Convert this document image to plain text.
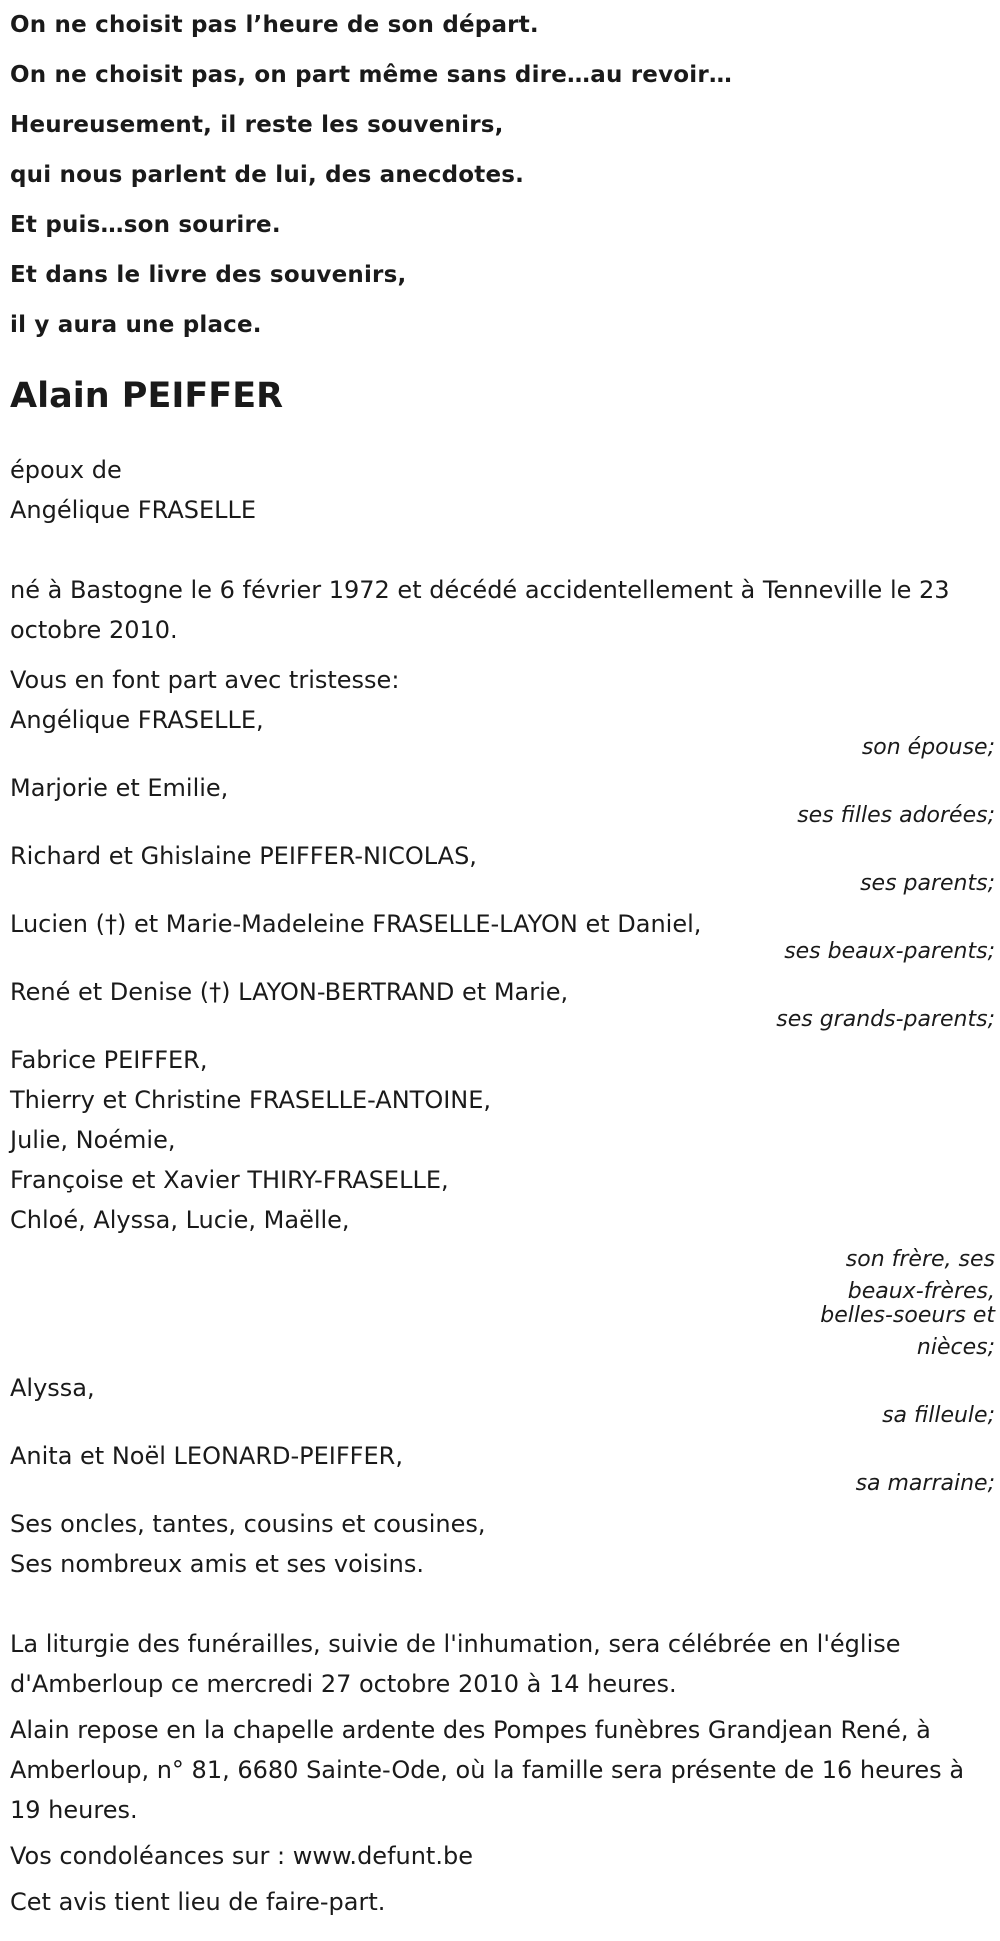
On ne choisit pas l’heure de son départ.
On ne choisit pas, on part même sans dire…au revoir…
Heureusement, il reste les souvenirs,
qui nous parlent de lui, des anecdotes.
Et puis…son sourire.
Et dans le livre des souvenirs,
il y aura une place.
Alain PEIFFER
époux de
Angélique FRASELLE
né à Bastogne le 6 février 1972 et décédé accidentellement à Tenneville le 23 octobre 2010.
Vous en font part avec tristesse:
Angélique FRASELLE,
son épouse;
Marjorie et Emilie,
ses filles adorées;
Richard et Ghislaine PEIFFER-NICOLAS,
ses parents;
Lucien (†) et Marie-Madeleine FRASELLE-LAYON et Daniel,
ses beaux-parents;
René et Denise (†) LAYON-BERTRAND et Marie,
ses grands-parents;
Fabrice PEIFFER,
Thierry et Christine FRASELLE-ANTOINE,
Julie, Noémie,
Françoise et Xavier THIRY-FRASELLE,
Chloé, Alyssa, Lucie, Maëlle,
son frère, ses
beaux-frères,
belles-soeurs et
nièces;
Alyssa,
sa filleule;
Anita et Noël LEONARD-PEIFFER,
sa marraine;
Ses oncles, tantes, cousins et cousines,
Ses nombreux amis et ses voisins.
La liturgie des funérailles, suivie de l'inhumation, sera célébrée en l'église d'Amberloup ce mercredi 27 octobre 2010 à 14 heures.
Alain repose en la chapelle ardente des Pompes funèbres Grandjean René, à Amberloup, n° 81, 6680 Sainte-Ode, où la famille sera présente de 16 heures à 19 heures.
Vos condoléances sur : www.defunt.be
Cet avis tient lieu de faire-part.
